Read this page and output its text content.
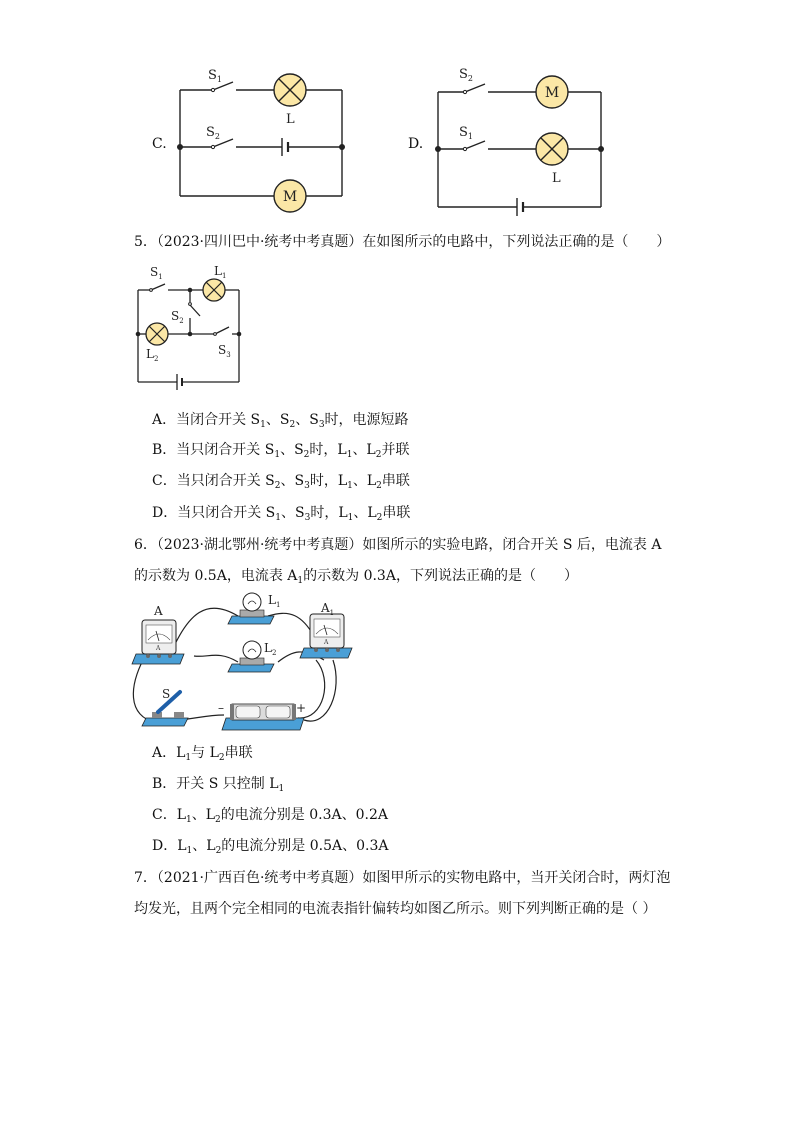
C.
M
$S_1$
$S_2$
L
D.
M
$S_2$
$S_1$
L
5．（2023·四川巴中·统考中考真题）在如图所示的电路中，下列说法正确的是（　　）
$S_1$	$L_1$
$S_2$
$L_2$
$S_3$
A．当闭合开关 $S_1$、$S_2$、$S_3$时，电源短路
B．当只闭合开关 $S_1$、$S_2$时，$L_1$、$L_2$并联
C．当只闭合开关 $S_2$、$S_3$时，$L_1$、$L_2$串联
D．当只闭合开关 $S_1$、$S_3$时，$L_1$、$L_2$串联
6．（2023·湖北鄂州·统考中考真题）如图所示的实验电路，闭合开关 S 后，电流表 A
的示数为 0.5A，电流表 $A_1$的示数为 0.3A，下列说法正确的是（　　）
A
A
$L_1$
A
$A_1$
$L_2$
S
–	+
A．$L_1$与 $L_2$串联
B．开关 S 只控制 $L_1$
C．$L_1$、$L_2$的电流分别是 0.3A、0.2A
D．$L_1$、$L_2$的电流分别是 0.5A、0.3A
7．（2021·广西百色·统考中考真题）如图甲所示的实物电路中，当开关闭合时，两灯泡
均发光，且两个完全相同的电流表指针偏转均如图乙所示。则下列判断正确的是（ ）
